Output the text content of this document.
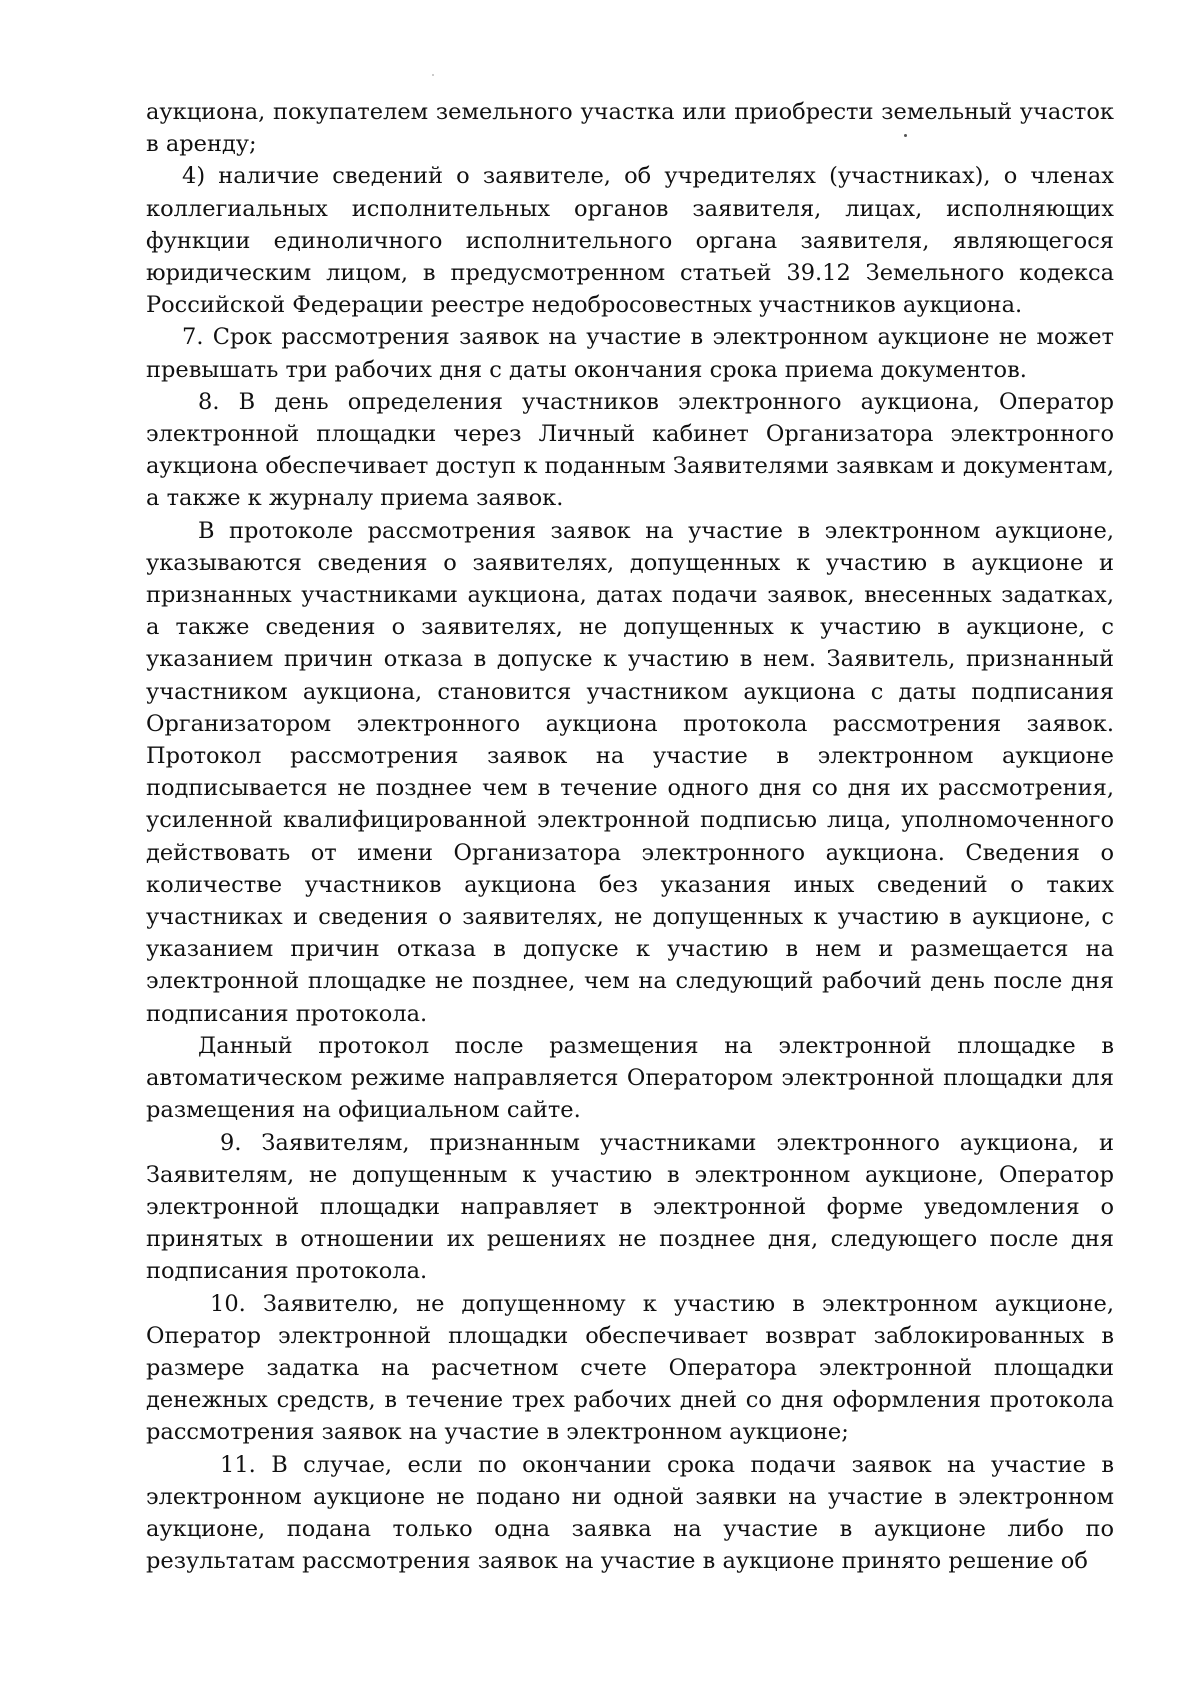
аукциона, покупателем земельного участка или приобрести земельный участок в аренду;

4) наличие сведений о заявителе, об учредителях (участниках), о членах коллегиальных исполнительных органов заявителя, лицах, исполняющих функции единоличного исполнительного органа заявителя, являющегося юридическим лицом, в предусмотренном статьей 39.12 Земельного кодекса Российской Федерации реестре недобросовестных участников аукциона.

7. Срок рассмотрения заявок на участие в электронном аукционе не может превышать три рабочих дня с даты окончания срока приема документов.

8. В день определения участников электронного аукциона, Оператор электронной площадки через Личный кабинет Организатора электронного аукциона обеспечивает доступ к поданным Заявителями заявкам и документам, а также к журналу приема заявок.

В протоколе рассмотрения заявок на участие в электронном аукционе, указываются сведения о заявителях, допущенных к участию в аукционе и признанных участниками аукциона, датах подачи заявок, внесенных задатках, а также сведения о заявителях, не допущенных к участию в аукционе, с указанием причин отказа в допуске к участию в нем. Заявитель, признанный участником аукциона, становится участником аукциона с даты подписания Организатором электронного аукциона протокола рассмотрения заявок. Протокол рассмотрения заявок на участие в электронном аукционе подписывается не позднее чем в течение одного дня со дня их рассмотрения, усиленной квалифицированной электронной подписью лица, уполномоченного действовать от имени Организатора электронного аукциона. Сведения о количестве участников аукциона без указания иных сведений о таких участниках и сведения о заявителях, не допущенных к участию в аукционе, с указанием причин отказа в допуске к участию в нем и размещается на электронной площадке не позднее, чем на следующий рабочий день после дня подписания протокола.

Данный протокол после размещения на электронной площадке в автоматическом режиме направляется Оператором электронной площадки для размещения на официальном сайте.

9. Заявителям, признанным участниками электронного аукциона, и Заявителям, не допущенным к участию в электронном аукционе, Оператор электронной площадки направляет в электронной форме уведомления о принятых в отношении их решениях не позднее дня, следующего после дня подписания протокола.

10. Заявителю, не допущенному к участию в электронном аукционе, Оператор электронной площадки обеспечивает возврат заблокированных в размере задатка на расчетном счете Оператора электронной площадки денежных средств, в течение трех рабочих дней со дня оформления протокола рассмотрения заявок на участие в электронном аукционе;

11. В случае, если по окончании срока подачи заявок на участие в электронном аукционе не подано ни одной заявки на участие в электронном аукционе, подана только одна заявка на участие в аукционе либо по результатам рассмотрения заявок на участие в аукционе принято решение об
